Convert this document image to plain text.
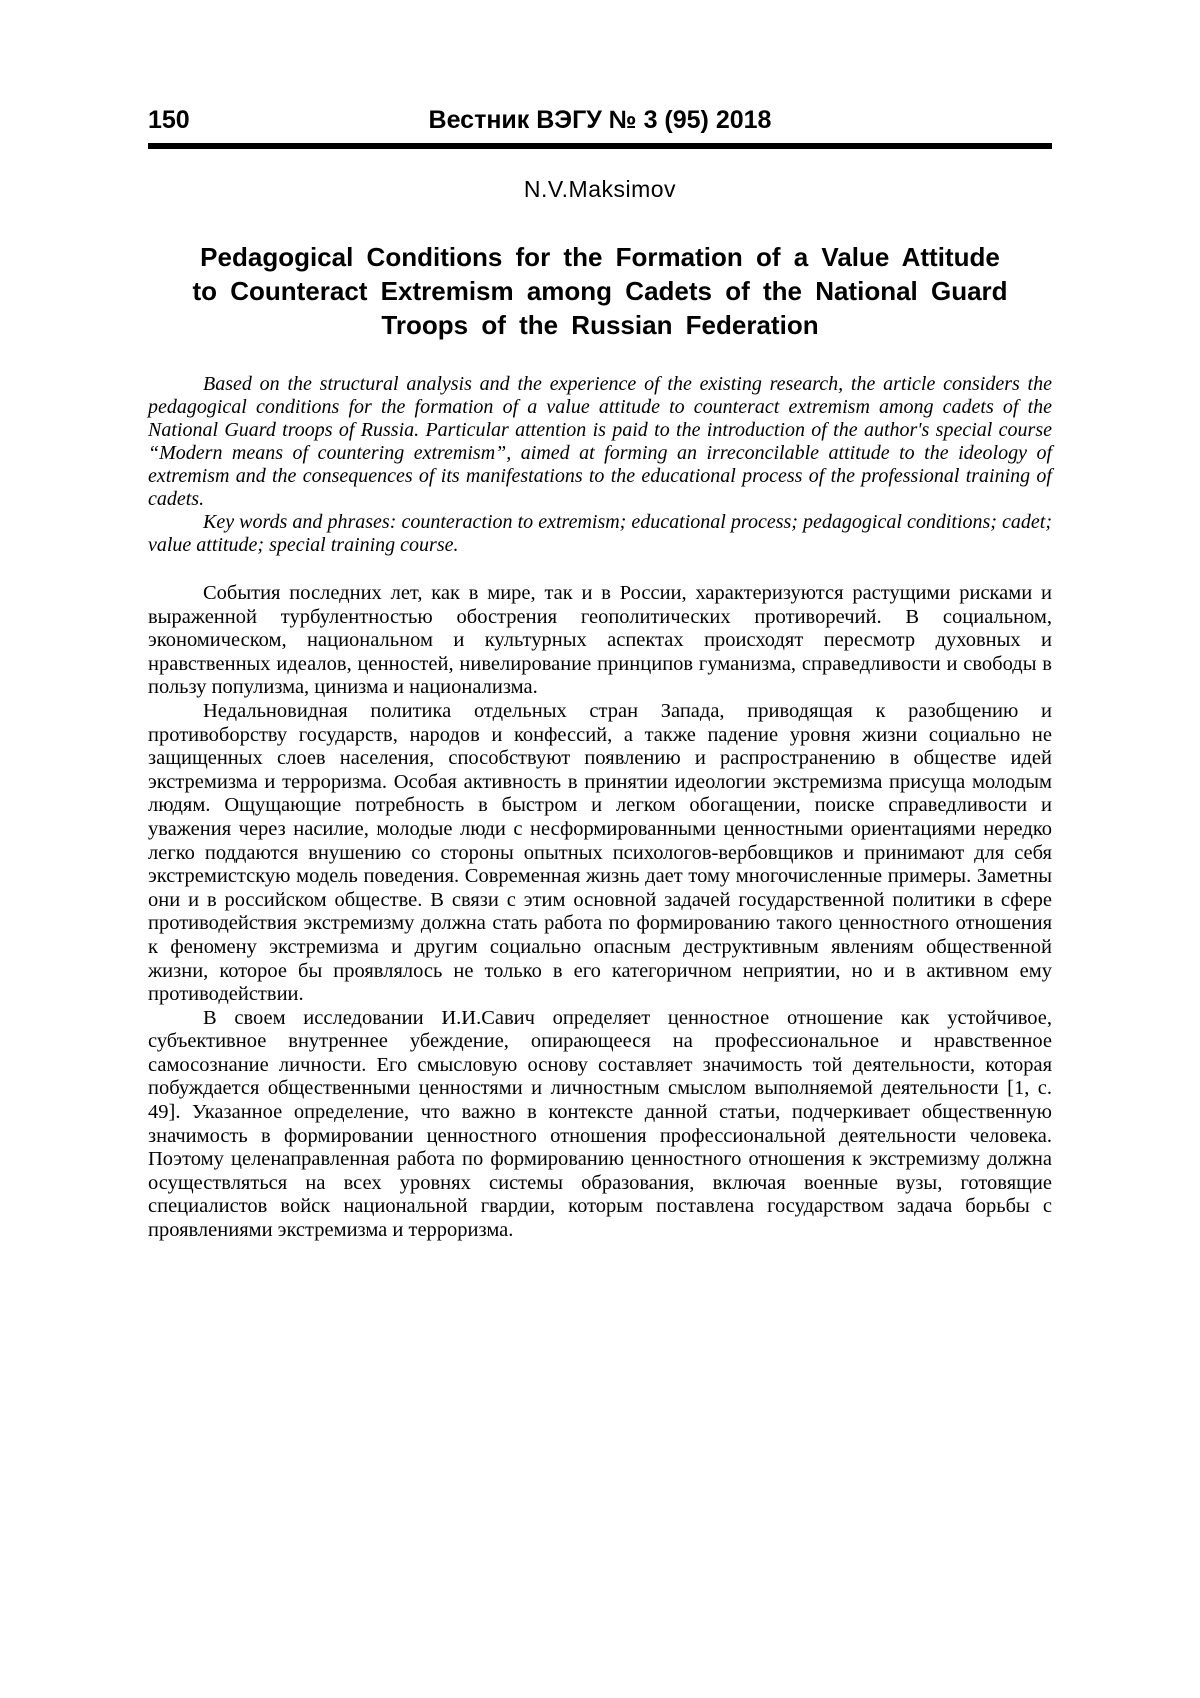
150	Вестник ВЭГУ № 3 (95) 2018
N.V.Maksimov
Pedagogical Conditions for the Formation of a Value Attitude
to Counteract Extremism among Cadets of the National Guard
Troops of the Russian Federation

Based on the structural analysis and the experience of the existing research, the article considers the pedagogical conditions for the formation of a value attitude to counteract extremism among cadets of the National Guard troops of Russia. Particular attention is paid to the introduction of the author's special course “Modern means of countering extremism”, aimed at forming an irreconcilable attitude to the ideology of extremism and the consequences of its manifestations to the educational process of the professional training of cadets.

Key words and phrases: counteraction to extremism; educational process; pedagogical conditions; cadet; value attitude; special training course.

События последних лет, как в мире, так и в России, характеризуются растущими рисками и выраженной турбулентностью обострения геополитических противоречий. В социальном, экономическом, национальном и культурных аспектах происходят пересмотр духовных и нравственных идеалов, ценностей, нивелирование принципов гуманизма, справедливости и свободы в пользу популизма, цинизма и национализма.

Недальновидная политика отдельных стран Запада, приводящая к разобщению и противоборству государств, народов и конфессий, а также падение уровня жизни социально не защищенных слоев населения, способствуют появлению и распространению в обществе идей экстремизма и терроризма. Особая активность в принятии идеологии экстремизма присуща молодым людям. Ощущающие потребность в быстром и легком обогащении, поиске справедливости и уважения через насилие, молодые люди с несформированными ценностными ориентациями нередко легко поддаются внушению со стороны опытных психологов-вербовщиков и принимают для себя экстремистскую модель поведения. Современная жизнь дает тому многочисленные примеры. Заметны они и в российском обществе. В связи с этим основной задачей государственной политики в сфере противодействия экстремизму должна стать работа по формированию такого ценностного отношения к феномену экстремизма и другим социально опасным деструктивным явлениям общественной жизни, которое бы проявлялось не только в его категоричном неприятии, но и в активном ему противодействии.

В своем исследовании И.И.Савич определяет ценностное отношение как устойчивое, субъективное внутреннее убеждение, опирающееся на профессиональное и нравственное самосознание личности. Его смысловую основу составляет значимость той деятельности, которая побуждается общественными ценностями и личностным смыслом выполняемой деятельности [1, с. 49]. Указанное определение, что важно в контексте данной статьи, подчеркивает общественную значимость в формировании ценностного отношения профессиональной деятельности человека. Поэтому целенаправленная работа по формированию ценностного отношения к экстремизму должна осуществляться на всех уровнях системы образования, включая военные вузы, готовящие специалистов войск национальной гвардии, которым поставлена государством задача борьбы с проявлениями экстремизма и терроризма.
